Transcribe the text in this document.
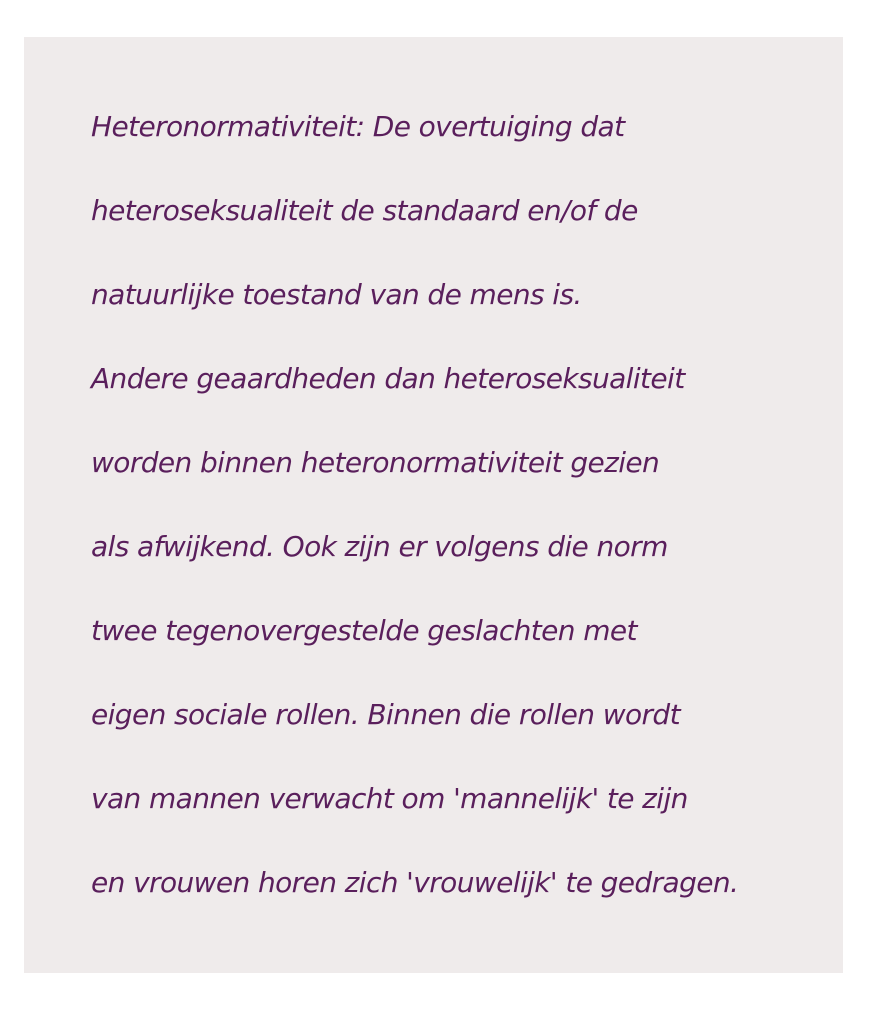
Heteronormativiteit: De overtuiging dat
heteroseksualiteit de standaard en/of de
natuurlijke toestand van de mens is.
Andere geaardheden dan heteroseksualiteit
worden binnen heteronormativiteit gezien
als afwijkend. Ook zijn er volgens die norm
twee tegenovergestelde geslachten met
eigen sociale rollen. Binnen die rollen wordt
van mannen verwacht om 'mannelijk' te zijn
en vrouwen horen zich 'vrouwelijk' te gedragen.
